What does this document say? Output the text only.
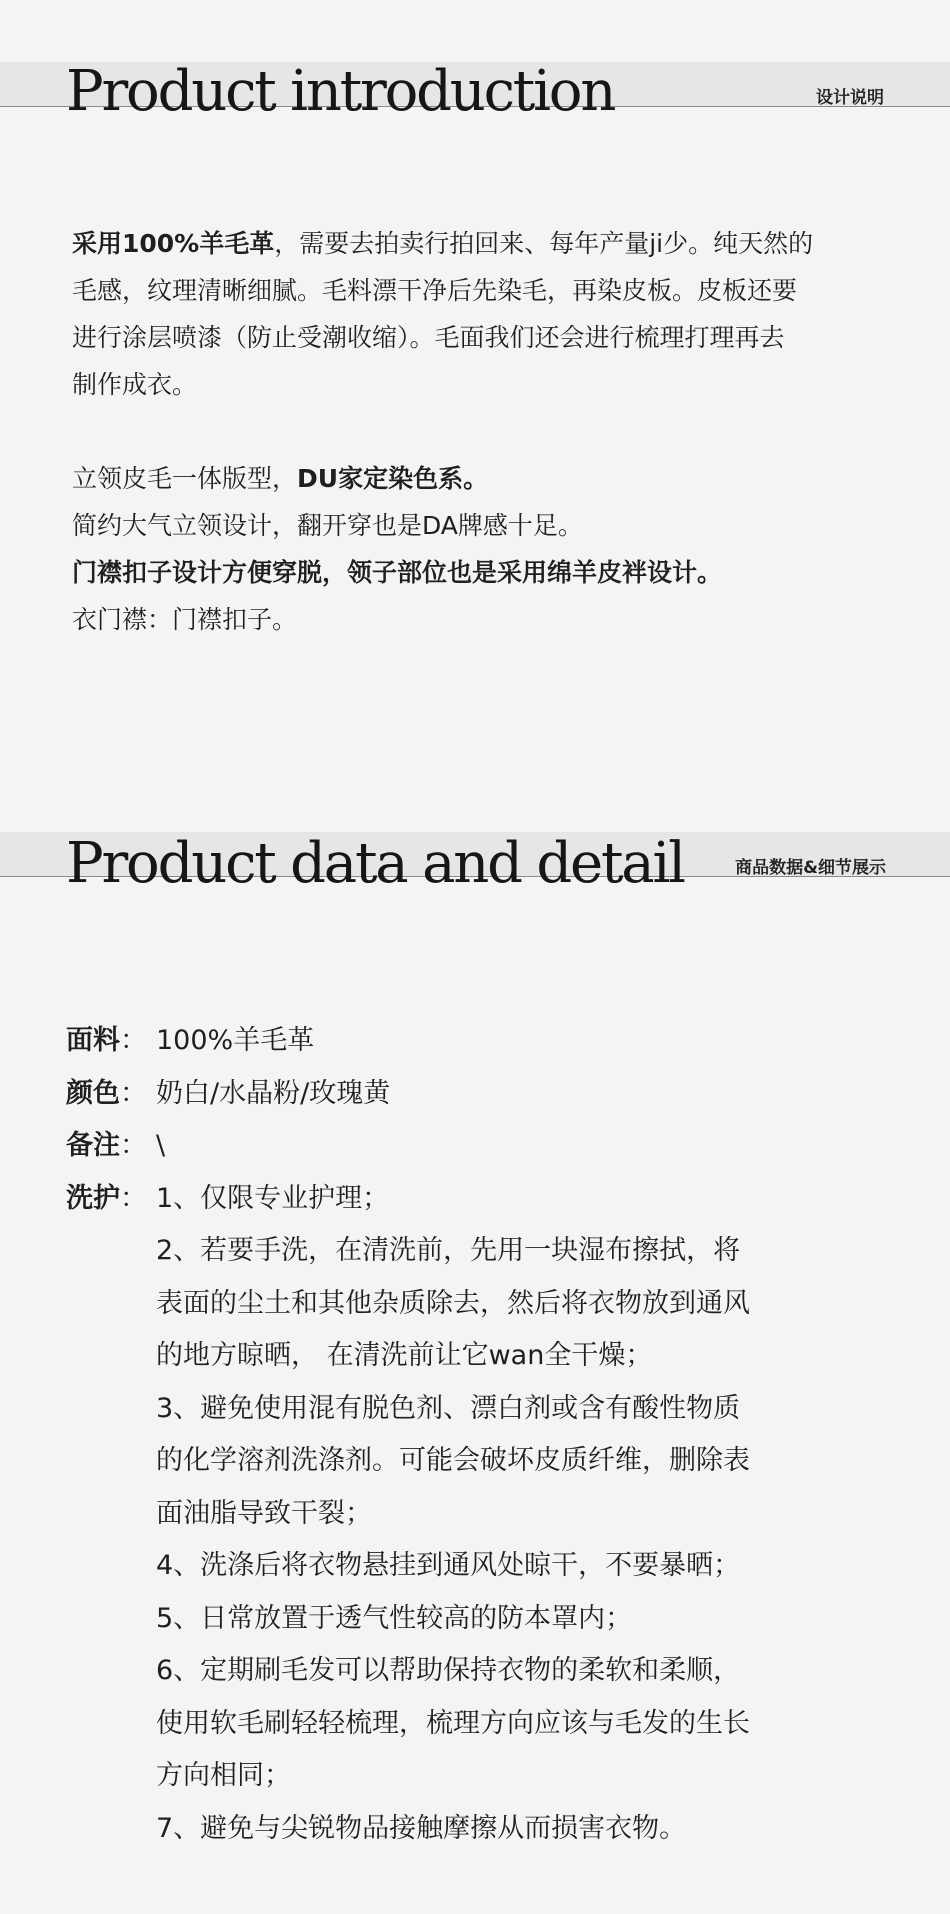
Product introduction	设计说明

采用100%羊毛革，需要去拍卖行拍回来、每年产量ji少。纯天然的
毛感，纹理清晰细腻。毛料漂干净后先染毛，再染皮板。皮板还要
进行涂层喷漆（防止受潮收缩）。毛面我们还会进行梳理打理再去
制作成衣。

立领皮毛一体版型，DU家定染色系。

简约大气立领设计，翻开穿也是DA牌感十足。

门襟扣子设计方便穿脱，领子部位也是采用绵羊皮袢设计。

衣门襟：门襟扣子。

Product data and detail	商品数据&细节展示
面料： 100%羊毛革
颜色： 奶白/水晶粉/玫瑰黄
备注： \
洗护： 1、仅限专业护理；
2、若要手洗，在清洗前，先用一块湿布擦拭，将
表面的尘土和其他杂质除去，然后将衣物放到通风
的地方晾晒， 在清洗前让它wan全干燥；
3、避免使用混有脱色剂、漂白剂或含有酸性物质
的化学溶剂洗涤剂。可能会破坏皮质纤维，删除表
面油脂导致干裂；
4、洗涤后将衣物悬挂到通风处晾干，不要暴晒；
5、日常放置于透气性较高的防本罩内；
6、定期刷毛发可以帮助保持衣物的柔软和柔顺，
使用软毛刷轻轻梳理，梳理方向应该与毛发的生长
方向相同；
7、避免与尖锐物品接触摩擦从而损害衣物。
